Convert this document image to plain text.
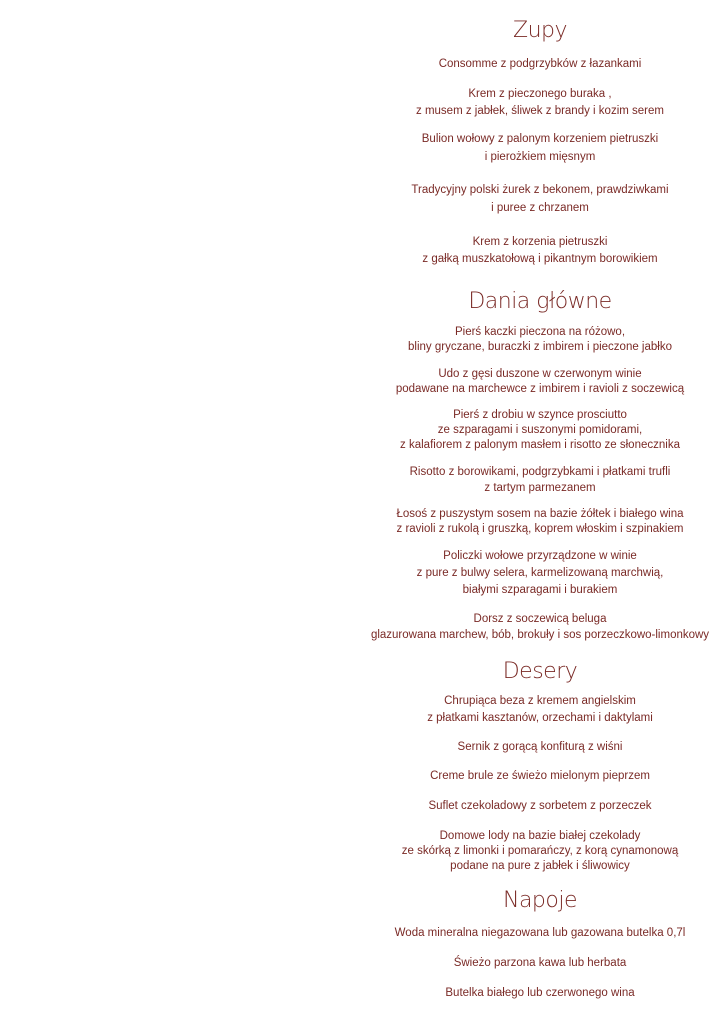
Zupy
Consomme z podgrzybków z łazankami
Krem z pieczonego buraka ,
z musem z jabłek, śliwek z brandy i kozim serem
Bulion wołowy z palonym korzeniem pietruszki
i pierożkiem mięsnym
Tradycyjny polski żurek z bekonem, prawdziwkami
i puree z chrzanem
Krem z korzenia pietruszki
z gałką muszkatołową i pikantnym borowikiem
Dania główne
Pierś kaczki pieczona na różowo,
bliny gryczane, buraczki z imbirem i pieczone jabłko
Udo z gęsi duszone w czerwonym winie
podawane na marchewce z imbirem i ravioli z soczewicą
Pierś z drobiu w szynce prosciutto
ze szparagami i suszonymi pomidorami,
z kalafiorem z palonym masłem i risotto ze słonecznika
Risotto z borowikami, podgrzybkami i płatkami trufli
z tartym parmezanem
Łosoś z puszystym sosem na bazie żółtek i białego wina
z ravioli z rukolą i gruszką, koprem włoskim i szpinakiem
Policzki wołowe przyrządzone w winie
z pure z bulwy selera, karmelizowaną marchwią,
białymi szparagami i burakiem
Dorsz z soczewicą beluga
glazurowana marchew, bób, brokuły i sos porzeczkowo-limonkowy
Desery
Chrupiąca beza z kremem angielskim
z płatkami kasztanów, orzechami i daktylami
Sernik z gorącą konfiturą z wiśni
Creme brule ze świeżo mielonym pieprzem
Suflet czekoladowy z sorbetem z porzeczek
Domowe lody na bazie białej czekolady
ze skórką z limonki i pomarańczy, z korą cynamonową
podane na pure z jabłek i śliwowicy
Napoje
Woda mineralna niegazowana lub gazowana butelka 0,7l
Świeżo parzona kawa lub herbata
Butelka białego lub czerwonego wina
